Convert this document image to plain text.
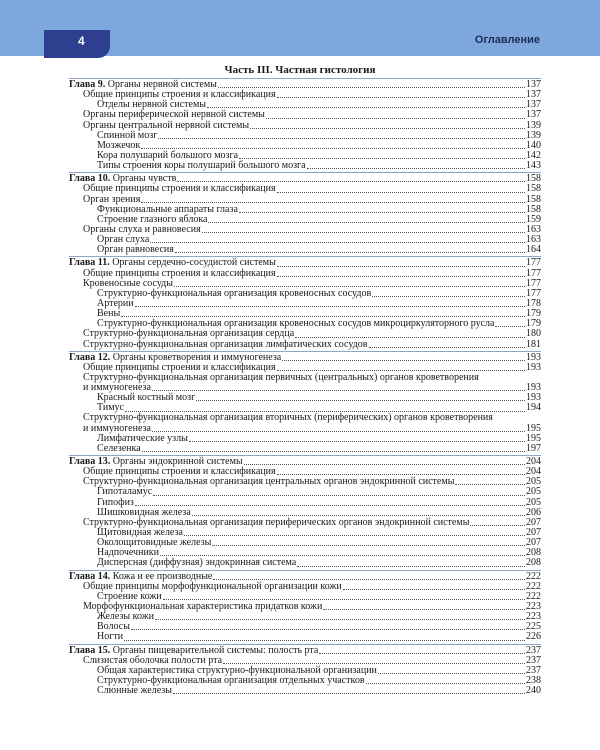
4	Оглавление
Часть III. Частная гистология
Глава 9. Органы нервной системы	137
Общие принципы строения и классификация	137
Отделы нервной системы	137
Органы периферической нервной системы	137
Органы центральной нервной системы	139
Спинной мозг	139
Мозжечок	140
Кора полушарий большого мозга	142
Типы строения коры полушарий большого мозга	143
Глава 10. Органы чувств	158
Общие принципы строения и классификация	158
Орган зрения	158
Функциональные аппараты глаза	158
Строение глазного яблока	159
Органы слуха и равновесия	163
Орган слуха	163
Орган равновесия	164
Глава 11. Органы сердечно-сосудистой системы	177
Общие принципы строения и классификация	177
Кровеносные сосуды	177
Структурно-функциональная организация кровеносных сосудов	177
Артерии	178
Вены	179
Структурно-функциональная организация кровеносных сосудов микроциркуляторного русла	179
Структурно-функциональная организация сердца	180
Структурно-функциональная организация лимфатических сосудов	181
Глава 12. Органы кроветворения и иммуногенеза	193
Общие принципы строения и классификация	193
Структурно-функциональная организация первичных (центральных) органов кроветворения
и иммуногенеза	193
Красный костный мозг	193
Тимус	194
Структурно-функциональная организация вторичных (периферических) органов кроветворения
и иммуногенеза	195
Лимфатические узлы	195
Селезенка	197
Глава 13. Органы эндокринной системы	204
Общие принципы строения и классификация	204
Структурно-функциональная организация центральных органов эндокринной системы	205
Гипоталамус	205
Гипофиз	205
Шишковидная железа	206
Структурно-функциональная организация периферических органов эндокринной системы	207
Щитовидная железа	207
Околощитовидные железы	207
Надпочечники	208
Дисперсная (диффузная) эндокринная система	208
Глава 14. Кожа и ее производные	222
Общие принципы морфофункциональной организации кожи	222
Строение кожи	222
Морфофункциональная характеристика придатков кожи	223
Железы кожи	223
Волосы	225
Ногти	226
Глава 15. Органы пищеварительной системы: полость рта	237
Слизистая оболочка полости рта	237
Общая характеристика структурно-функциональной организации	237
Структурно-функциональная организация отдельных участков	238
Слюнные железы	240
